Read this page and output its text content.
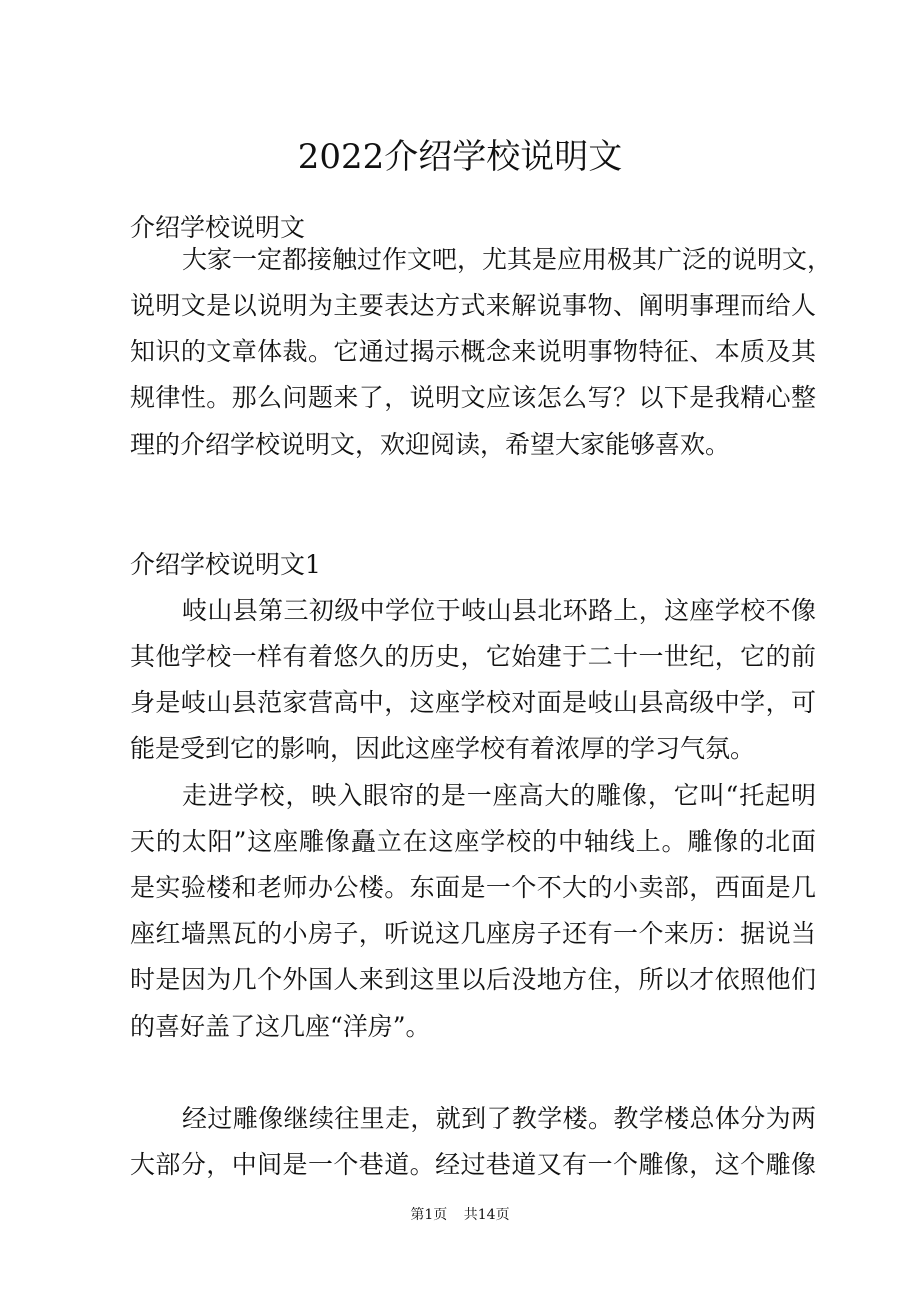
2022介绍学校说明文
介绍学校说明文
大家一定都接触过作文吧，尤其是应用极其广泛的说明文，
说明文是以说明为主要表达方式来解说事物、阐明事理而给人
知识的文章体裁。它通过揭示概念来说明事物特征、本质及其
规律性。那么问题来了，说明文应该怎么写？以下是我精心整
理的介绍学校说明文，欢迎阅读，希望大家能够喜欢。
介绍学校说明文1
岐山县第三初级中学位于岐山县北环路上，这座学校不像
其他学校一样有着悠久的历史，它始建于二十一世纪，它的前
身是岐山县范家营高中，这座学校对面是岐山县高级中学，可
能是受到它的影响，因此这座学校有着浓厚的学习气氛。
走进学校，映入眼帘的是一座高大的雕像，它叫“托起明
天的太阳”这座雕像矗立在这座学校的中轴线上。雕像的北面
是实验楼和老师办公楼。东面是一个不大的小卖部，西面是几
座红墙黑瓦的小房子，听说这几座房子还有一个来历：据说当
时是因为几个外国人来到这里以后没地方住，所以才依照他们
的喜好盖了这几座“洋房”。
经过雕像继续往里走，就到了教学楼。教学楼总体分为两
大部分，中间是一个巷道。经过巷道又有一个雕像，这个雕像
第1页 共14页
